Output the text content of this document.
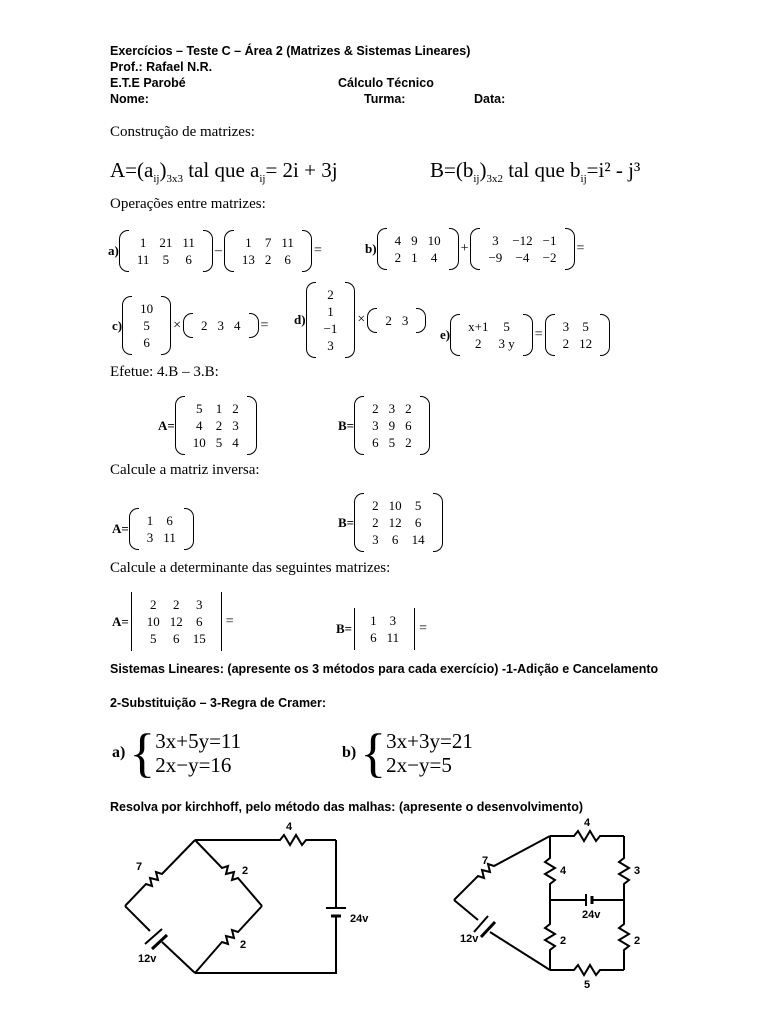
Exercícios – Teste C – Área 2 (Matrizes & Sistemas Lineares)
Prof.: Rafael N.R.
E.T.E Parobé	Cálculo Técnico
Nome:	Turma:	Data:
Construção de matrizes:
$A=(a_{ij})_{3x3}$ tal que $a_{ij}= 2i + 3j$	$B=(b_{ij})_{3x2}$ tal que $b_{ij}=i^2 - j^3$
Operações entre matrizes:
a)
1	21	11
11	5	6
–
1	7	11
13	2	6
=	b)
4	9	10
2	1	4
+
3	−12	−1
−9	−4	−2
=
c)
10
5
6
× 2	3	4 = d)
2
1
−1
3
× 2	3
e)
x+1	5
2	3 y
=
3	5
2	12
Efetue: 4.B – 3.B:
A=
5	1	2
4	2	3
10	5	4
B=
2	3	2
3	9	6
6	5	2
Calcule a matriz inversa:
A=
1	6
3	11
B=
2	10	5
2	12	6
3	6	14
Calcule a determinante das seguintes matrizes:
A=
2	2	3
10	12	6
5	6	15
=	B=
1	3
6	11
=
Sistemas Lineares: (apresente os 3 métodos para cada exercício) -1-Adição e Cancelamento
2-Substituição – 3-Regra de Cramer:
a) { 3x+5y=11
2x−y=16
b) { 3x+3y=21
2x−y=5
Resolva por kirchhoff, pelo método das malhas: (apresente o desenvolvimento)
4
7	2
2
24v
12v
4
7
4	3
24v
2	2
5
12v
